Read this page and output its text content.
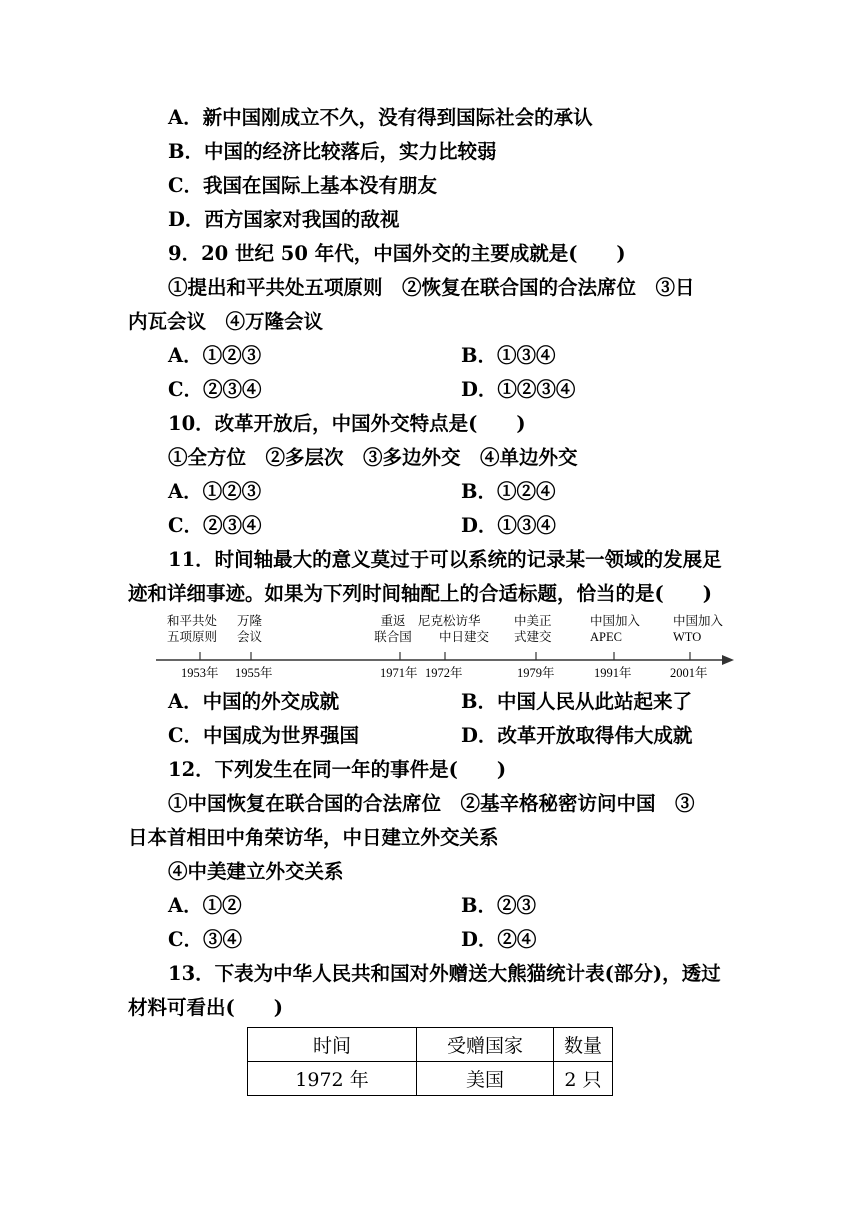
A．新中国刚成立不久，没有得到国际社会的承认
B．中国的经济比较落后，实力比较弱
C．我国在国际上基本没有朋友
D．西方国家对我国的敌视
9．20 世纪 50 年代，中国外交的主要成就是(　　)
①提出和平共处五项原则　②恢复在联合国的合法席位　③日
内瓦会议　④万隆会议
A．①②③	B．①③④
C．②③④	D．①②③④
10．改革开放后，中国外交特点是(　　)
①全方位　②多层次　③多边外交　④单边外交
A．①②③	B．①②④
C．②③④	D．①③④
11．时间轴最大的意义莫过于可以系统的记录某一领域的发展足
迹和详细事迹。如果为下列时间轴配上的合适标题，恰当的是(　　)
和平共处
五项原则
万隆
会议
重返
联合国
尼克松访华
中日建交
中美正
式建交
中国加入
APEC
中国加入
WTO
1953年 1955年	1971年 1972年	1979年	1991年	2001年
A．中国的外交成就	B．中国人民从此站起来了
C．中国成为世界强国	D．改革开放取得伟大成就
12．下列发生在同一年的事件是(　　)
①中国恢复在联合国的合法席位　②基辛格秘密访问中国　③
日本首相田中角荣访华，中日建立外交关系
④中美建立外交关系
A．①②	B．②③
C．③④	D．②④
13．下表为中华人民共和国对外赠送大熊猫统计表(部分)，透过
材料可看出(　　)
时间	受赠国家	数量
1972 年	美国	2 只
